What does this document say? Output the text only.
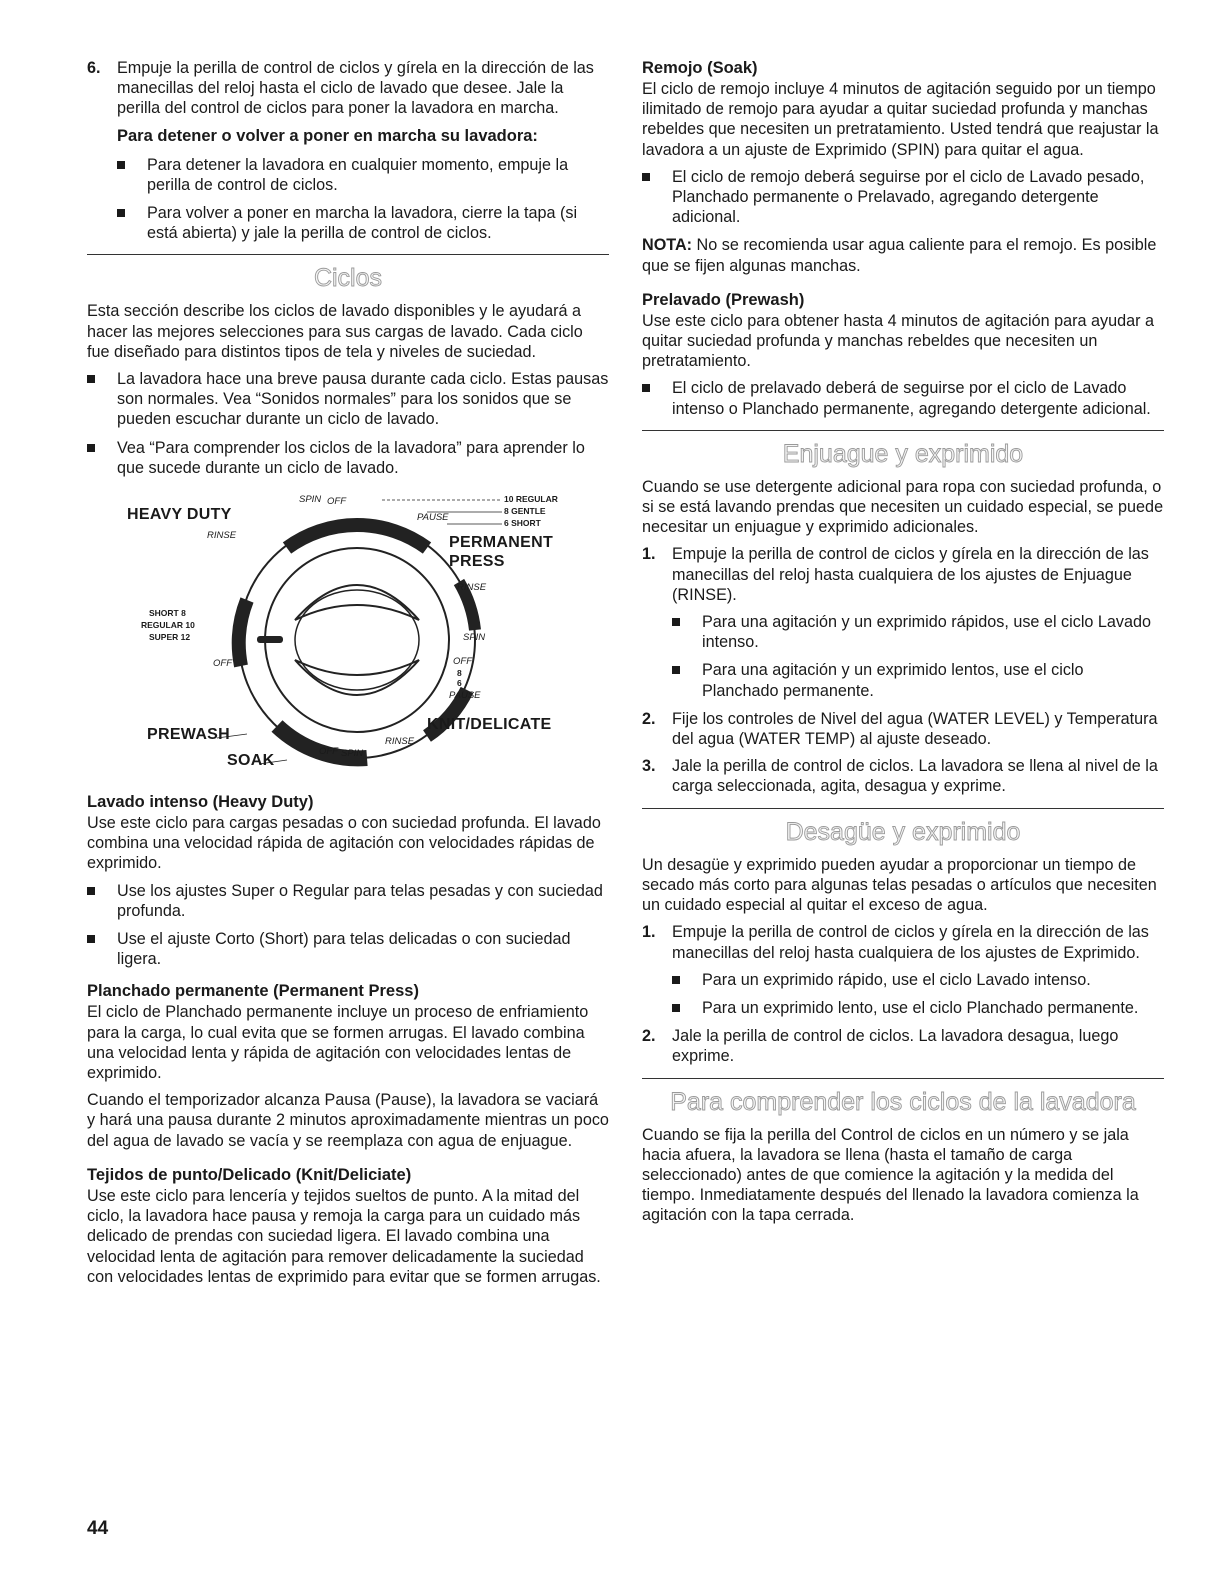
6. Empuje la perilla de control de ciclos y gírela en la dirección de las manecillas del reloj hasta el ciclo de lavado que desee. Jale la perilla del control de ciclos para poner la lavadora en marcha.

Para detener o volver a poner en marcha su lavadora:

Para detener la lavadora en cualquier momento, empuje la perilla de control de ciclos.

Para volver a poner en marcha la lavadora, cierre la tapa (si está abierta) y jale la perilla de control de ciclos.

Ciclos

Esta sección describe los ciclos de lavado disponibles y le ayudará a hacer las mejores selecciones para sus cargas de lavado. Cada ciclo fue diseñado para distintos tipos de tela y niveles de suciedad.

La lavadora hace una breve pausa durante cada ciclo. Estas pausas son normales. Vea “Sonidos normales” para los sonidos que se pueden escuchar durante un ciclo de lavado.

Vea “Para comprender los ciclos de la lavadora” para aprender lo que sucede durante un ciclo de lavado.

HEAVY DUTY
SPIN OFF
RINSE
PAUSE
10 REGULAR
8 GENTLE
6 SHORT
PERMANENT
PRESS
RINSE
SPIN
OFF
8
6
PAUSE
SHORT 8
REGULAR 10
SUPER 12
OFF
PREWASH
SOAK
OFF SPIN
RINSE
KNIT/DELICATE

Lavado intenso (Heavy Duty)

Use este ciclo para cargas pesadas o con suciedad profunda. El lavado combina una velocidad rápida de agitación con velocidades rápidas de exprimido.

Use los ajustes Super o Regular para telas pesadas y con suciedad profunda.

Use el ajuste Corto (Short) para telas delicadas o con suciedad ligera.

Planchado permanente (Permanent Press)

El ciclo de Planchado permanente incluye un proceso de enfriamiento para la carga, lo cual evita que se formen arrugas. El lavado combina una velocidad lenta y rápida de agitación con velocidades lentas de exprimido.

Cuando el temporizador alcanza Pausa (Pause), la lavadora se vaciará y hará una pausa durante 2 minutos aproximadamente mientras un poco del agua de lavado se vacía y se reemplaza con agua de enjuague.

Tejidos de punto/Delicado (Knit/Deliciate)

Use este ciclo para lencería y tejidos sueltos de punto. A la mitad del ciclo, la lavadora hace pausa y remoja la carga para un cuidado más delicado de prendas con suciedad ligera. El lavado combina una velocidad lenta de agitación para remover delicadamente la suciedad con velocidades lentas de exprimido para evitar que se formen arrugas.

Remojo (Soak)

El ciclo de remojo incluye 4 minutos de agitación seguido por un tiempo ilimitado de remojo para ayudar a quitar suciedad profunda y manchas rebeldes que necesiten un pretratamiento. Usted tendrá que reajustar la lavadora a un ajuste de Exprimido (SPIN) para quitar el agua.

El ciclo de remojo deberá seguirse por el ciclo de Lavado pesado, Planchado permanente o Prelavado, agregando detergente adicional.

NOTA: No se recomienda usar agua caliente para el remojo. Es posible que se fijen algunas manchas.

Prelavado (Prewash)

Use este ciclo para obtener hasta 4 minutos de agitación para ayudar a quitar suciedad profunda y manchas rebeldes que necesiten un pretratamiento.

El ciclo de prelavado deberá de seguirse por el ciclo de Lavado intenso o Planchado permanente, agregando detergente adicional.

Enjuague y exprimido

Cuando se use detergente adicional para ropa con suciedad profunda, o si se está lavando prendas que necesiten un cuidado especial, se puede necesitar un enjuague y exprimido adicionales.

1. Empuje la perilla de control de ciclos y gírela en la dirección de las manecillas del reloj hasta cualquiera de los ajustes de Enjuague (RINSE).

Para una agitación y un exprimido rápidos, use el ciclo Lavado intenso.

Para una agitación y un exprimido lentos, use el ciclo Planchado permanente.

2. Fije los controles de Nivel del agua (WATER LEVEL) y Temperatura del agua (WATER TEMP) al ajuste deseado.

3. Jale la perilla de control de ciclos. La lavadora se llena al nivel de la carga seleccionada, agita, desagua y exprime.

Desagüe y exprimido

Un desagüe y exprimido pueden ayudar a proporcionar un tiempo de secado más corto para algunas telas pesadas o artículos que necesiten un cuidado especial al quitar el exceso de agua.

1. Empuje la perilla de control de ciclos y gírela en la dirección de las manecillas del reloj hasta cualquiera de los ajustes de Exprimido.

Para un exprimido rápido, use el ciclo Lavado intenso.

Para un exprimido lento, use el ciclo Planchado permanente.

2. Jale la perilla de control de ciclos. La lavadora desagua, luego exprime.

Para comprender los ciclos de la lavadora

Cuando se fija la perilla del Control de ciclos en un número y se jala hacia afuera, la lavadora se llena (hasta el tamaño de carga seleccionado) antes de que comience la agitación y la medida del tiempo. Inmediatamente después del llenado la lavadora comienza la agitación con la tapa cerrada.

44
